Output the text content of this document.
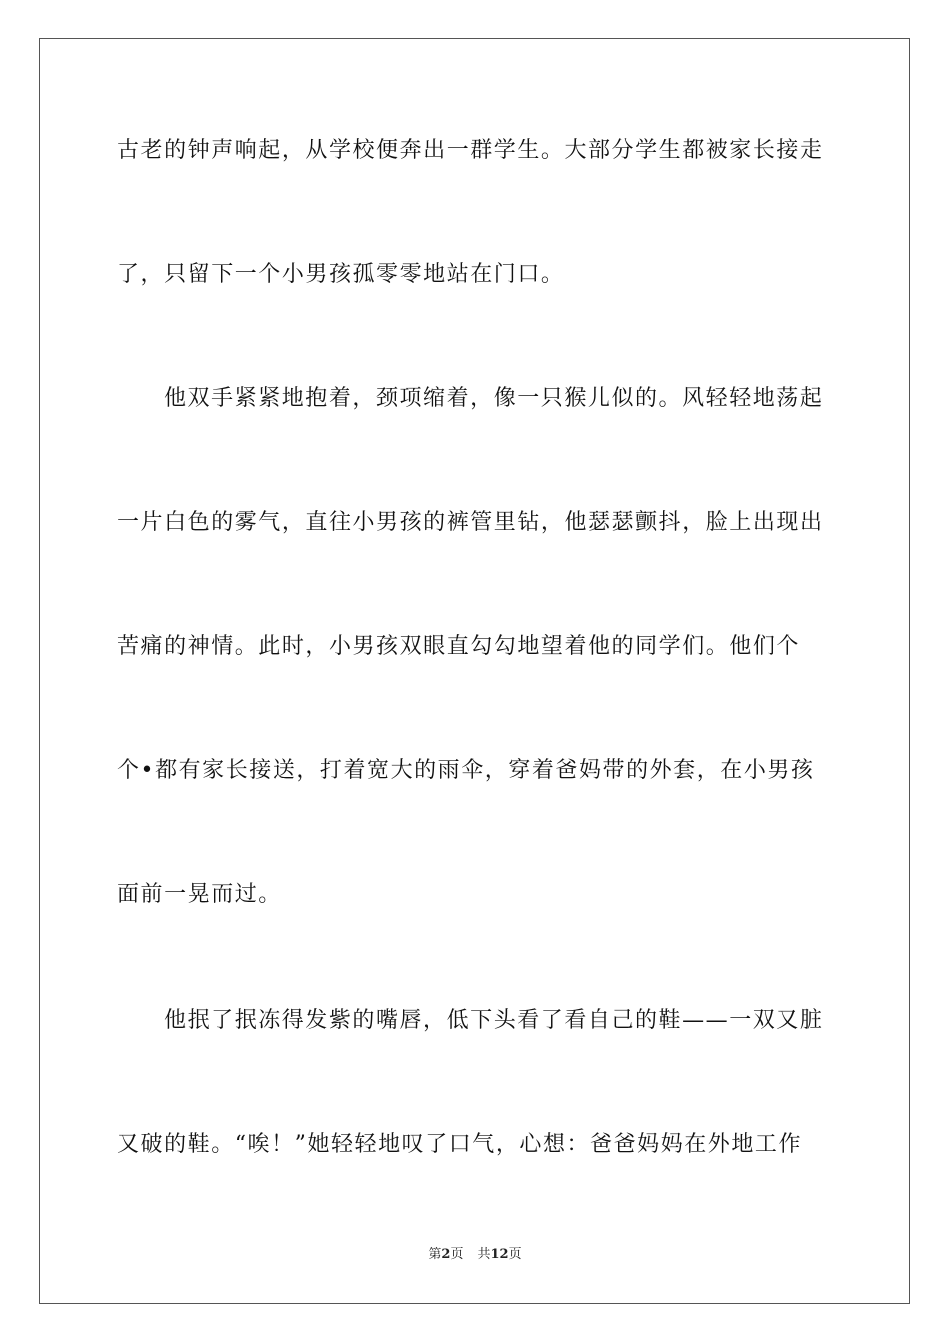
古老的钟声响起，从学校便奔出一群学生。大部分学生都被家长接走
了，只留下一个小男孩孤零零地站在门口。
他双手紧紧地抱着，颈项缩着，像一只猴儿似的。风轻轻地荡起
一片白色的雾气，直往小男孩的裤管里钻，他瑟瑟颤抖，脸上出现出
苦痛的神情。此时，小男孩双眼直勾勾地望着他的同学们。他们个
个•都有家长接送，打着宽大的雨伞，穿着爸妈带的外套，在小男孩
面前一晃而过。
他抿了抿冻得发紫的嘴唇，低下头看了看自己的鞋——一双又脏
又破的鞋。“唉！”她轻轻地叹了口气，心想：爸爸妈妈在外地工作
第2页 共12页
